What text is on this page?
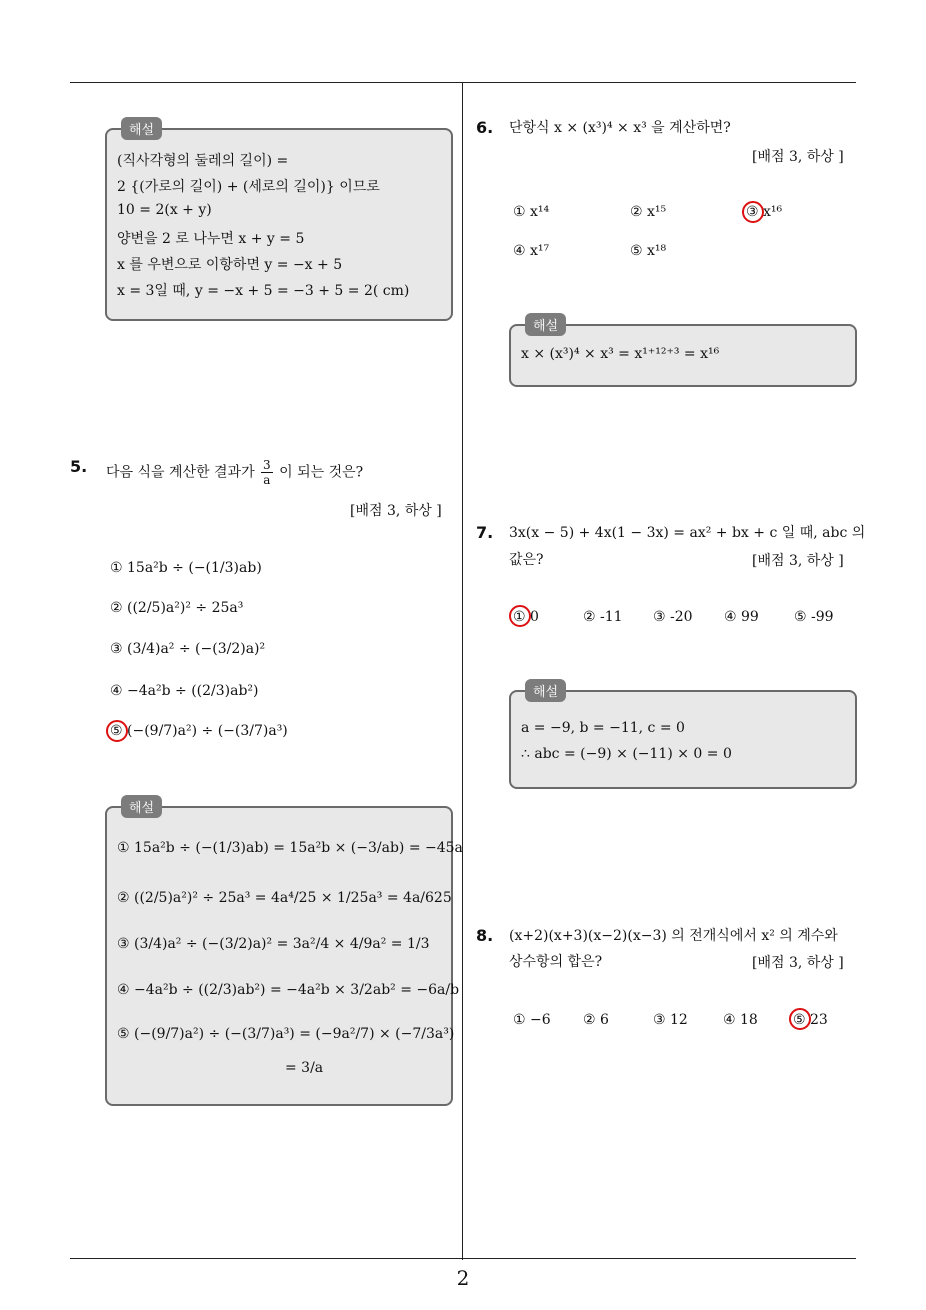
2
해설
(직사각형의 둘레의 길이) =
2 {(가로의 길이) + (세로의 길이)} 이므로
10 = 2(x + y)
양변을 2 로 나누면 x + y = 5
x 를 우변으로 이항하면 y = −x + 5
x = 3일 때, y = −x + 5 = −3 + 5 = 2( cm)
5. 다음 식을 계산한 결과가 $\frac{3}{a}$ 이 되는 것은?
[배점 3, 하상 ]
① 15a²b ÷ (−(1/3)ab)
② ((2/5)a²)² ÷ 25a³
③ (3/4)a² ÷ (−(3/2)a)²
④ −4a²b ÷ ((2/3)ab²)
⑤ (−(9/7)a²) ÷ (−(3/7)a³)
해설
① 15a²b ÷ (−(1/3)ab) = 15a²b × (−3/ab) = −45a
② ((2/5)a²)² ÷ 25a³ = 4a⁴/25 × 1/25a³ = 4a/625
③ (3/4)a² ÷ (−(3/2)a)² = 3a²/4 × 4/9a² = 1/3
④ −4a²b ÷ ((2/3)ab²) = −4a²b × 3/2ab² = −6a/b
⑤ (−(9/7)a²) ÷ (−(3/7)a³) = (−9a²/7) × (−7/3a³)
= 3/a
6. 단항식 x × (x³)⁴ × x³ 을 계산하면?
[배점 3, 하상 ]
① x¹⁴	② x¹⁵	③ x¹⁶
④ x¹⁷	⑤ x¹⁸
해설
x × (x³)⁴ × x³ = x¹⁺¹²⁺³ = x¹⁶
7. 3x(x − 5) + 4x(1 − 3x) = ax² + bx + c 일 때, abc 의
값은?	[배점 3, 하상 ]
① 0	② -11 ③ -20 ④ 99	⑤ -99
해설
a = −9, b = −11, c = 0
∴ abc = (−9) × (−11) × 0 = 0
8. (x+2)(x+3)(x−2)(x−3) 의 전개식에서 x² 의 계수와
상수항의 합은?	[배점 3, 하상 ]
① −6 ② 6	③ 12	④ 18	⑤ 23
